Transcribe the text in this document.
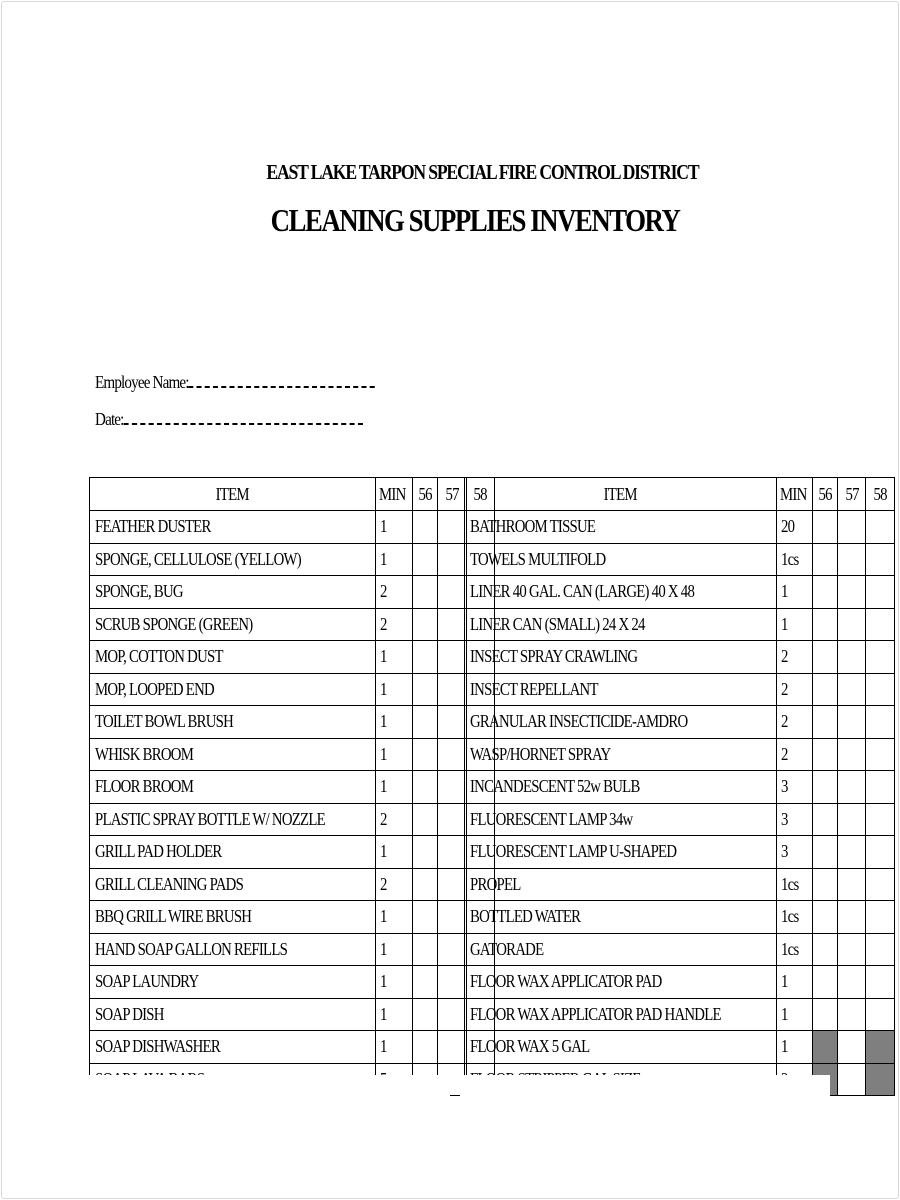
EAST LAKE TARPON SPECIAL FIRE CONTROL DISTRICT
CLEANING SUPPLIES INVENTORY
Employee Name:
Date:
ITEM	MIN	56	57	58
FEATHER DUSTER	1			
SPONGE, CELLULOSE (YELLOW)	1			
SPONGE, BUG	2			
SCRUB SPONGE (GREEN)	2			
MOP, COTTON DUST	1			
MOP, LOOPED END	1			
TOILET BOWL BRUSH	1			
WHISK BROOM	1			
FLOOR BROOM	1			
PLASTIC SPRAY BOTTLE W/ NOZZLE	2			
GRILL PAD HOLDER	1			
GRILL CLEANING PADS	2			
BBQ GRILL WIRE BRUSH	1			
HAND SOAP GALLON REFILLS	1			
SOAP LAUNDRY	1			
SOAP DISH	1			
SOAP DISHWASHER	1			

ITEM	MIN	56	57	58
BATHROOM TISSUE	20			
TOWELS MULTIFOLD	1cs			
LINER 40 GAL. CAN (LARGE) 40 X 48	1			
LINER CAN (SMALL) 24 X 24	1			
INSECT SPRAY CRAWLING	2			
INSECT REPELLANT	2			
GRANULAR INSECTICIDE-AMDRO	2			
WASP/HORNET SPRAY	2			
INCANDESCENT 52w BULB	3			
FLUORESCENT LAMP 34w	3			
FLUORESCENT LAMP U-SHAPED	3			
PROPEL	1cs			
BOTTLED WATER	1cs			
GATORADE	1cs			
FLOOR WAX APPLICATOR PAD	1			
FLOOR WAX APPLICATOR PAD HANDLE	1			
FLOOR WAX 5 GAL	1			
